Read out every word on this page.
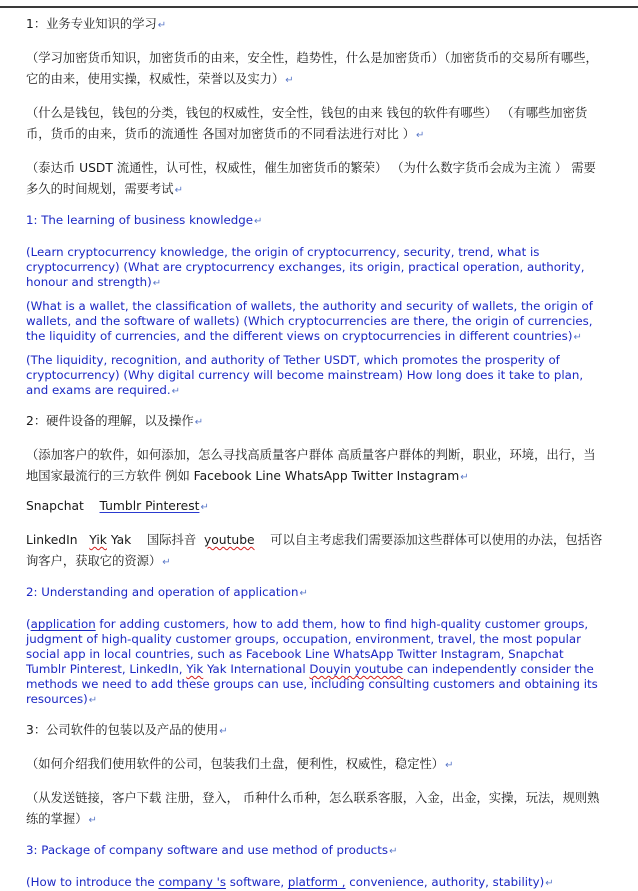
1：业务专业知识的学习↵

（学习加密货币知识，加密货币的由来，安全性，趋势性，什么是加密货币）（加密货币的交易所有哪些，它的由来，使用实操，权威性，荣誉以及实力）↵

（什么是钱包，钱包的分类，钱包的权威性，安全性，钱包的由来 钱包的软件有哪些） （有哪些加密货币，货币的由来，货币的流通性 各国对加密货币的不同看法进行对比 ）↵

（泰达币 USDT 流通性，认可性，权威性，催生加密货币的繁荣） （为什么数字货币会成为主流 ） 需要多久的时间规划，需要考试↵

1: The learning of business knowledge↵

(Learn cryptocurrency knowledge, the origin of cryptocurrency, security, trend, what is cryptocurrency) (What are cryptocurrency exchanges, its origin, practical operation, authority, honour and strength)↵

(What is a wallet, the classification of wallets, the authority and security of wallets, the origin of wallets, and the software of wallets) (Which cryptocurrencies are there, the origin of currencies, the liquidity of currencies, and the different views on cryptocurrencies in different countries)↵

(The liquidity, recognition, and authority of Tether USDT, which promotes the prosperity of cryptocurrency) (Why digital currency will become mainstream) How long does it take to plan, and exams are required.↵

2：硬件设备的理解，以及操作↵

（添加客户的软件，如何添加，怎么寻找高质量客户群体 高质量客户群体的判断，职业，环境，出行，当地国家最流行的三方软件 例如 Facebook Line WhatsApp Twitter Instagram↵

Snapchat Tumblr Pinterest↵

LinkedIn Yik Yak 国际抖音 youtube 可以自主考虑我们需要添加这些群体可以使用的办法，包括咨询客户，获取它的资源）↵

2: Understanding and operation of application↵

(application for adding customers, how to add them, how to find high-quality customer groups, judgment of high-quality customer groups, occupation, environment, travel, the most popular social app in local countries, such as Facebook Line WhatsApp Twitter Instagram, Snapchat Tumblr Pinterest, LinkedIn, Yik Yak International Douyin youtube can independently consider the methods we need to add these groups can use, including consulting customers and obtaining its resources)↵

3：公司软件的包装以及产品的使用↵

（如何介绍我们使用软件的公司，包装我们土盘，便利性，权威性，稳定性）↵

（从发送链接，客户下载 注册，登入， 币种什么币种，怎么联系客服，入金，出金，实操，玩法，规则熟练的掌握）↵

3: Package of company software and use method of products↵

(How to introduce the company 's software, platform , convenience, authority, stability)↵
